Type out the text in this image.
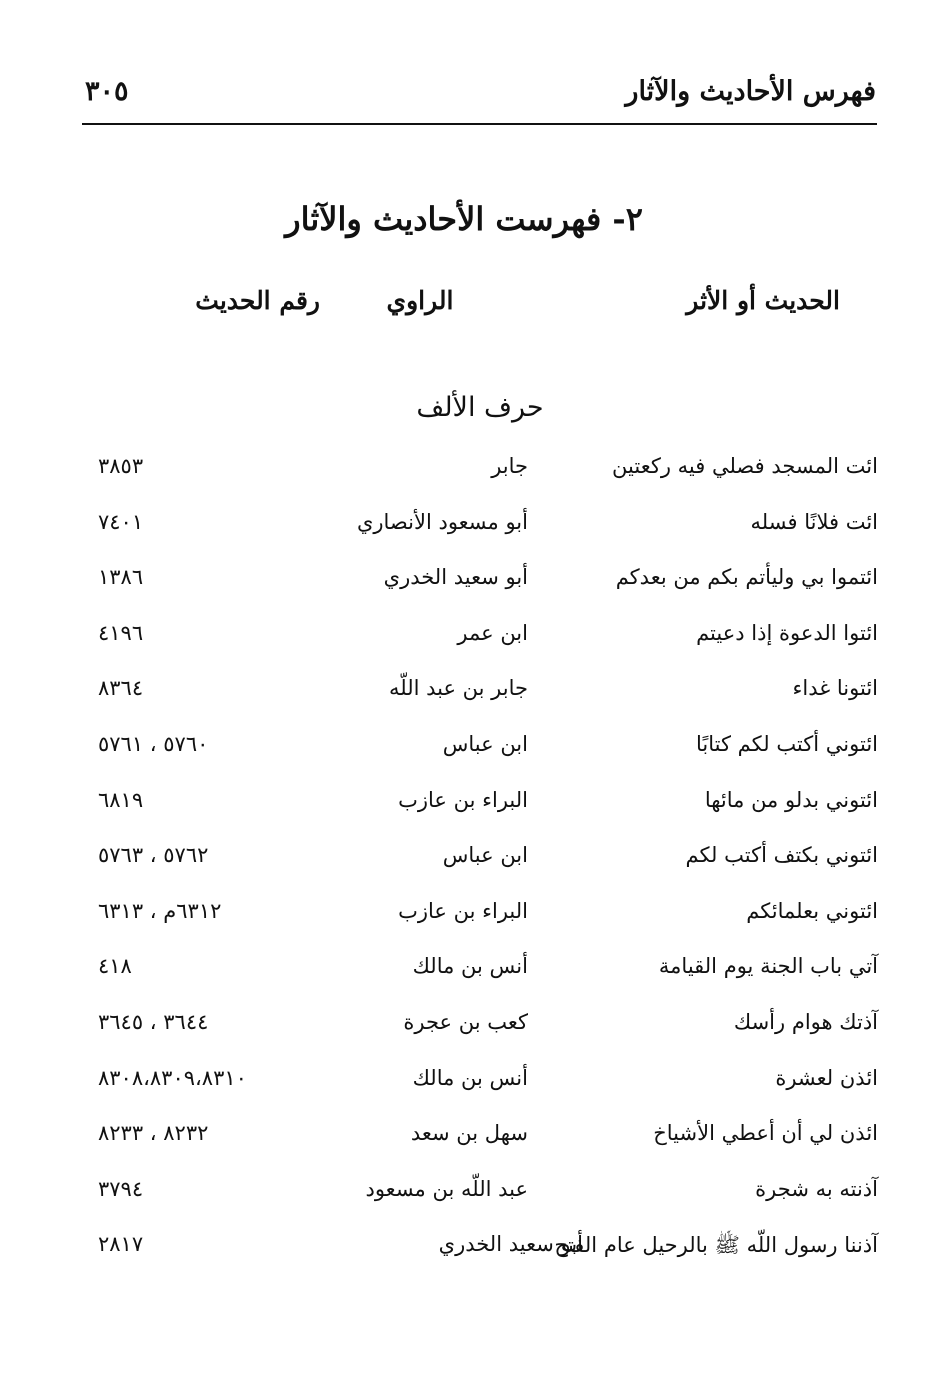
فهرس الأحاديث والآثار
٣٠٥
٢- فهرست الأحاديث والآثار
الحديث أو الأثر
الراوي
رقم الحديث
حرف الألف
ائت المسجد فصلي فيه ركعتين
جابر
٣٨٥٣
ائت فلانًا فسله
أبو مسعود الأنصاري
٧٤٠١
ائتموا بي وليأتم بكم من بعدكم
أبو سعيد الخدري
١٣٨٦
ائتوا الدعوة إذا دعيتم
ابن عمر
٤١٩٦
ائتونا غداء
جابر بن عبد اللّه
٨٣٦٤
ائتوني أكتب لكم كتابًا
ابن عباس
٥٧٦٠ ، ٥٧٦١
ائتوني بدلو من مائها
البراء بن عازب
٦٨١٩
ائتوني بكتف أكتب لكم
ابن عباس
٥٧٦٢ ، ٥٧٦٣
ائتوني بعلمائكم
البراء بن عازب
٦٣١٢م ، ٦٣١٣
آتي باب الجنة يوم القيامة
أنس بن مالك
٤١٨
آذتك هوام رأسك
كعب بن عجرة
٣٦٤٤ ، ٣٦٤٥
ائذن لعشرة
أنس بن مالك
٨٣٠٨،٨٣٠٩،٨٣١٠
ائذن لي أن أعطي الأشياخ
سهل بن سعد
٨٢٣٢ ، ٨٢٣٣
آذنته به شجرة
عبد اللّه بن مسعود
٣٧٩٤
آذننا رسول اللّه ﷺ بالرحيل عام الفتح
أبو سعيد الخدري
٢٨١٧
